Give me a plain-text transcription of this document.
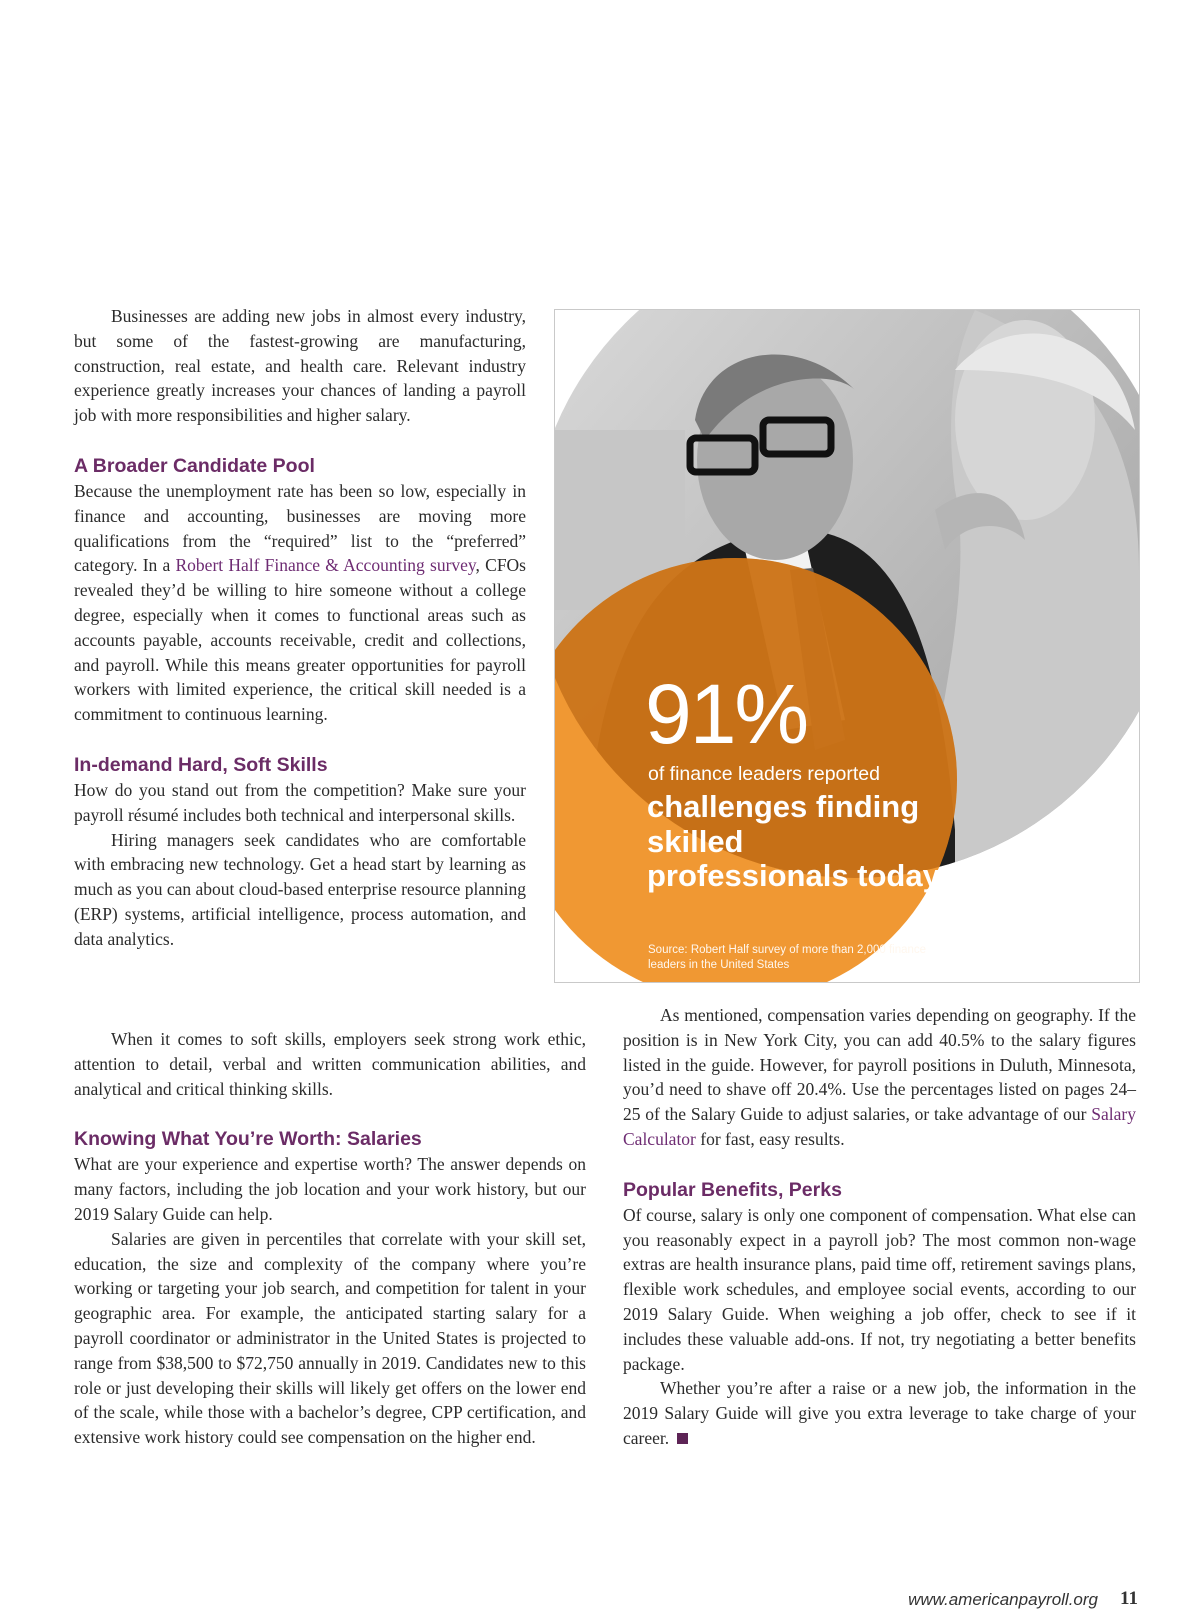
Businesses are adding new jobs in almost every industry, but some of the fastest-growing are manufacturing, construction, real estate, and health care. Relevant industry experience greatly increases your chances of landing a payroll job with more responsibilities and higher salary.

A Broader Candidate Pool

Because the unemployment rate has been so low, especially in finance and accounting, businesses are moving more qualifications from the “required” list to the “preferred” category. In a Robert Half Finance & Accounting survey, CFOs revealed they’d be willing to hire someone without a college degree, especially when it comes to functional areas such as accounts payable, accounts receivable, credit and collections, and payroll. While this means greater opportunities for payroll workers with limited experience, the critical skill needed is a commitment to continuous learning.

In-demand Hard, Soft Skills

How do you stand out from the competition? Make sure your payroll résumé includes both technical and interpersonal skills.

Hiring managers seek candidates who are comfortable with embracing new technology. Get a head start by learning as much as you can about cloud-based enterprise resource planning (ERP) systems, artificial intelligence, process automation, and data analytics.

91%
of finance leaders reported
challenges finding skilled professionals today
Source: Robert Half survey of more than 2,000 finance leaders in the United States

When it comes to soft skills, employers seek strong work ethic, attention to detail, verbal and written communication abilities, and analytical and critical thinking skills.

Knowing What You’re Worth: Salaries

What are your experience and expertise worth? The answer depends on many factors, including the job location and your work history, but our 2019 Salary Guide can help.

Salaries are given in percentiles that correlate with your skill set, education, the size and complexity of the company where you’re working or targeting your job search, and competition for talent in your geographic area. For example, the anticipated starting salary for a payroll coordinator or administrator in the United States is projected to range from $38,500 to $72,750 annually in 2019. Candidates new to this role or just developing their skills will likely get offers on the lower end of the scale, while those with a bachelor’s degree, CPP certification, and extensive work history could see compensation on the higher end.

As mentioned, compensation varies depending on geography. If the position is in New York City, you can add 40.5% to the salary figures listed in the guide. However, for payroll positions in Duluth, Minnesota, you’d need to shave off 20.4%. Use the percentages listed on pages 24–25 of the Salary Guide to adjust salaries, or take advantage of our Salary Calculator for fast, easy results.

Popular Benefits, Perks

Of course, salary is only one component of compensation. What else can you reasonably expect in a payroll job? The most common non-wage extras are health insurance plans, paid time off, retirement savings plans, flexible work schedules, and employee social events, according to our 2019 Salary Guide. When weighing a job offer, check to see if it includes these valuable add-ons. If not, try negotiating a better benefits package.

Whether you’re after a raise or a new job, the information in the 2019 Salary Guide will give you extra leverage to take charge of your career.

www.americanpayroll.org 11
